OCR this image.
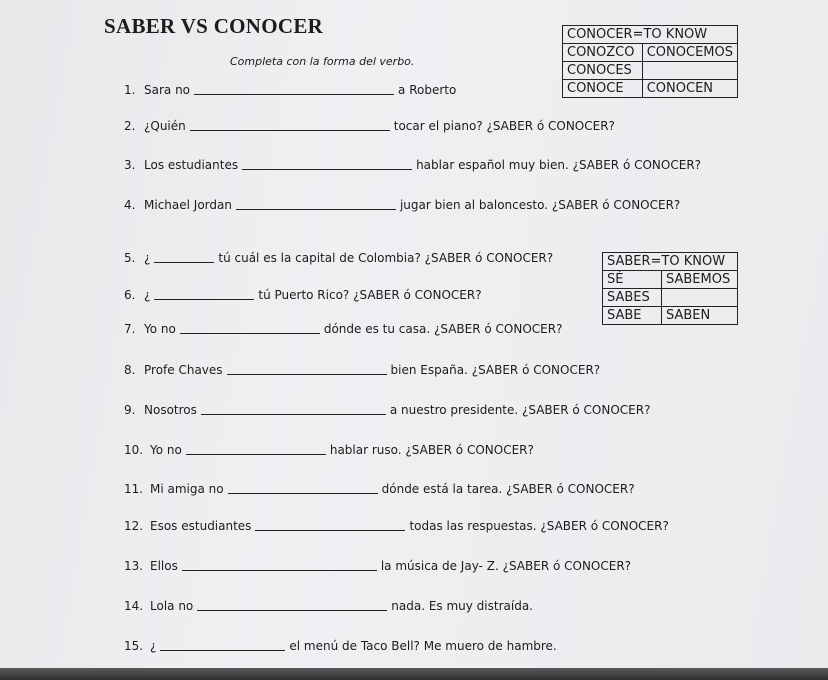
SABER VS CONOCER
Completa con la forma del verbo.
CONOCER=TO KNOW	
CONOZCO	CONOCEMOS
CONOCES	
CONOCE	CONOCEN
SABER=TO KNOW	
SÉ	SABEMOS
SABES	
SABE	SABEN
1. Sara no	a Roberto
2. ¿Quién	tocar el piano? ¿SABER ó CONOCER?
3. Los estudiantes	hablar español muy bien. ¿SABER ó CONOCER?
4. Michael Jordan	jugar bien al baloncesto. ¿SABER ó CONOCER?
5. ¿	tú cuál es la capital de Colombia? ¿SABER ó CONOCER?
6. ¿	tú Puerto Rico? ¿SABER ó CONOCER?
7. Yo no	dónde es tu casa. ¿SABER ó CONOCER?
8. Profe Chaves	bien España. ¿SABER ó CONOCER?
9. Nosotros	a nuestro presidente. ¿SABER ó CONOCER?
10. Yo no	hablar ruso. ¿SABER ó CONOCER?
11. Mi amiga no	dónde está la tarea. ¿SABER ó CONOCER?
12. Esos estudiantes	todas las respuestas. ¿SABER ó CONOCER?
13. Ellos	la música de Jay- Z. ¿SABER ó CONOCER?
14. Lola no	nada. Es muy distraída.
15. ¿	el menú de Taco Bell? Me muero de hambre.
